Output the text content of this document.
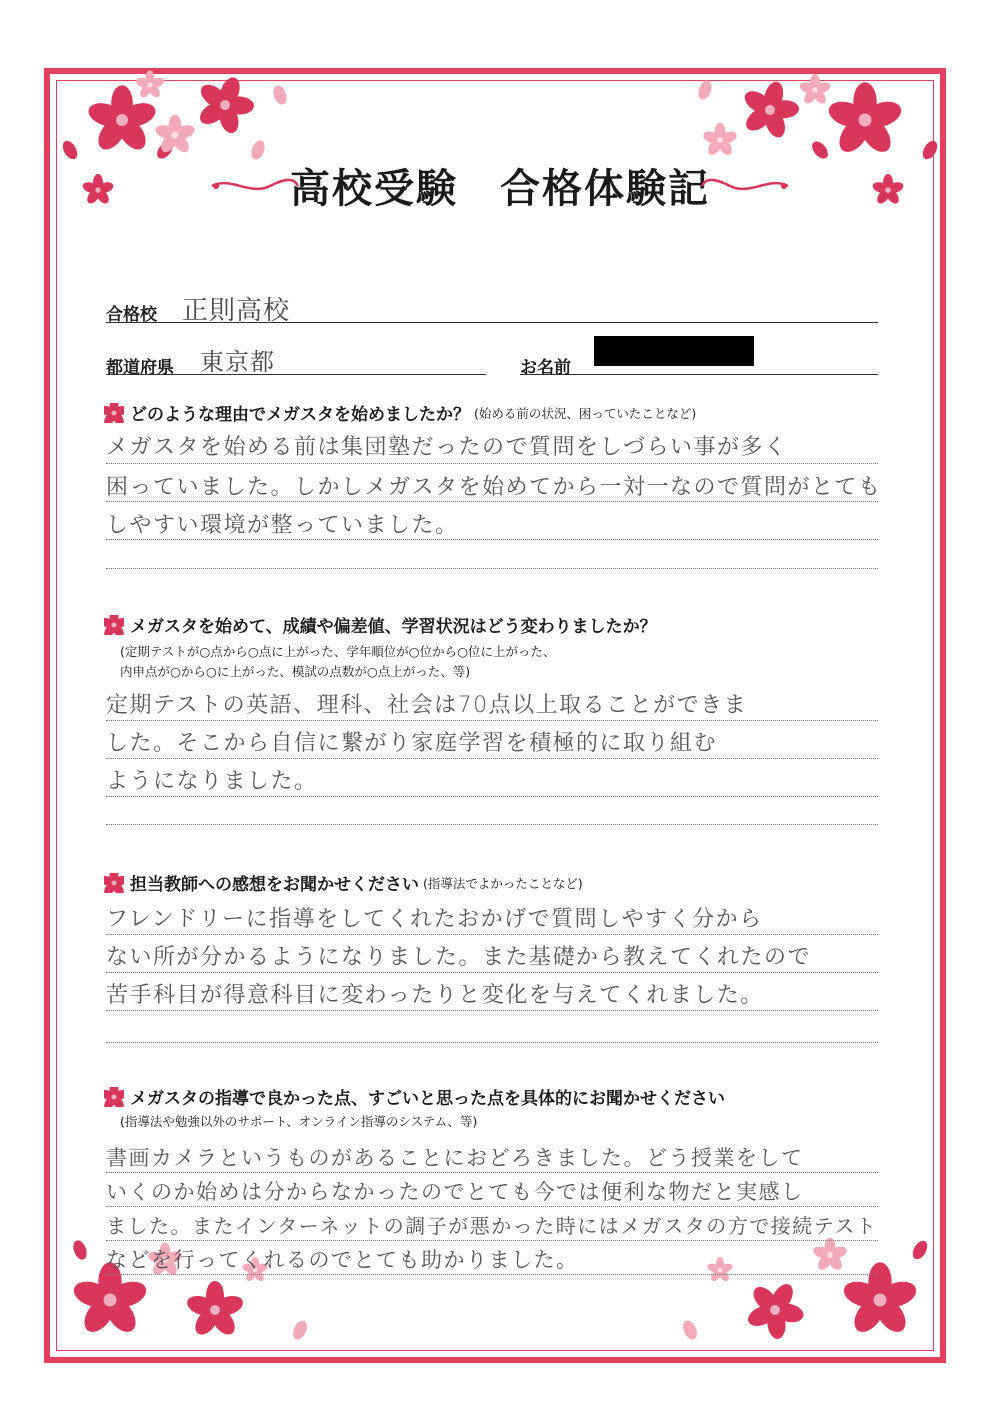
高校受験　合格体験記
合格校 正則高校
都道府県 東京都	お名前
どのような理由でメガスタを始めましたか？ (始める前の状況、困っていたことなど)
メガスタを始める前は集団塾だったので質問をしづらい事が多く
困っていました。しかしメガスタを始めてから一対一なので質問がとても
しやすい環境が整っていました。
メガスタを始めて、成績や偏差値、学習状況はどう変わりましたか？
(定期テストが○点から○点に上がった、学年順位が○位から○位に上がった、
内申点が○から○に上がった、模試の点数が○点上がった、等)
定期テストの英語、理科、社会は70点以上取ることができま
した。そこから自信に繋がり家庭学習を積極的に取り組む
ようになりました。
担当教師への感想をお聞かせください (指導法でよかったことなど)
フレンドリーに指導をしてくれたおかげで質問しやすく分から
ない所が分かるようになりました。また基礎から教えてくれたので
苦手科目が得意科目に変わったりと変化を与えてくれました。
メガスタの指導で良かった点、すごいと思った点を具体的にお聞かせください
(指導法や勉強以外のサポート、オンライン指導のシステム、等)
書画カメラというものがあることにおどろきました。どう授業をして
いくのか始めは分からなかったのでとても今では便利な物だと実感し
ました。またインターネットの調子が悪かった時にはメガスタの方で接続テスト
などを行ってくれるのでとても助かりました。
